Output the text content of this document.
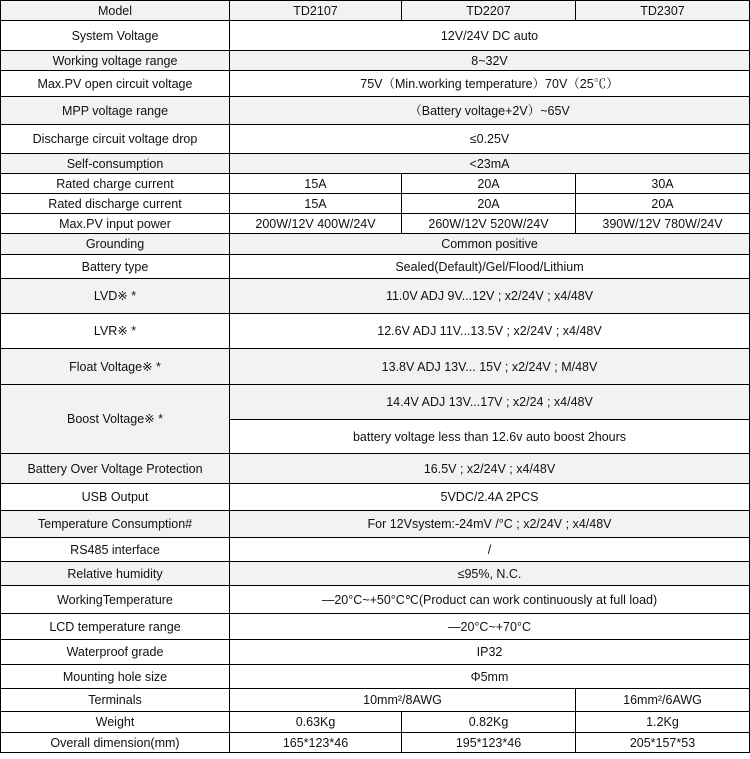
Model	TD2107	TD2207	TD2307
System Voltage	12V/24V DC auto		
Working voltage range	8~32V		
Max.PV open circuit voltage	75V（Min.working temperature）70V（25℃）		
MPP voltage range	（Battery voltage+2V）~65V		
Discharge circuit voltage drop	≤0.25V		
Self-consumption	<23mA		
Rated charge current	15A	20A	30A
Rated discharge current	15A	20A	20A
Max.PV input power	200W/12V 400W/24V	260W/12V 520W/24V	390W/12V 780W/24V
Grounding	Common positive		
Battery type	Sealed(Default)/Gel/Flood/Lithium		
LVD※ *	11.0V ADJ 9V...12V ; x2/24V ; x4/48V		
LVR※ *	12.6V ADJ 11V...13.5V ; x2/24V ; x4/48V		
Float Voltage※ *	13.8V ADJ 13V... 15V ; x2/24V ; M/48V		
Boost Voltage※ *	14.4V ADJ 13V...17V ; x2/24 ; x4/48V		
	battery voltage less than 12.6v auto boost 2hours		
Battery Over Voltage Protection	16.5V ; x2/24V ; x4/48V		
USB Output	5VDC/2.4A 2PCS		
Temperature Consumption#	For 12Vsystem:-24mV /°C ; x2/24V ; x4/48V		
RS485 interface	/		
Relative humidity	≤95%, N.C.		
WorkingTemperature	—20°C~+50°C℃(Product can work continuously at full load)		
LCD temperature range	—20°C~+70°C		
Waterproof grade	IP32		
Mounting hole size	Φ5mm		
Terminals	10mm²/8AWG		16mm²/6AWG
Weight	0.63Kg	0.82Kg	1.2Kg
Overall dimension(mm)	165*123*46	195*123*46	205*157*53
